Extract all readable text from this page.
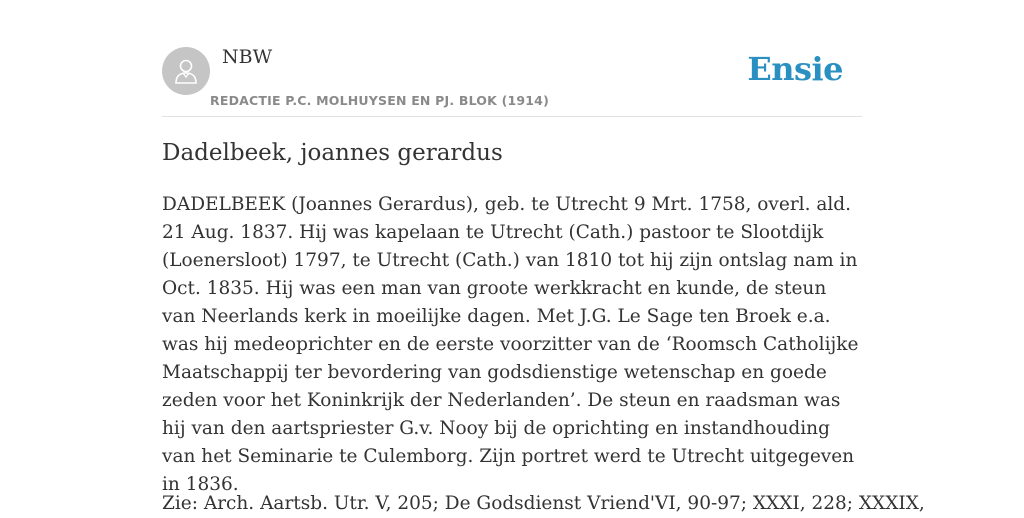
NBW
REDACTIE P.C. MOLHUYSEN EN PJ. BLOK (1914)
Ensie
Dadelbeek, joannes gerardus

DADELBEEK (Joannes Gerardus), geb. te Utrecht 9 Mrt. 1758, overl. ald. 21 Aug. 1837. Hij was kapelaan te Utrecht (Cath.) pastoor te Slootdijk (Loenersloot) 1797, te Utrecht (Cath.) van 1810 tot hij zijn ontslag nam in Oct. 1835. Hij was een man van groote werkkracht en kunde, de steun van Neerlands kerk in moeilijke dagen. Met J.G. Le Sage ten Broek e.a. was hij medeoprichter en de eerste voorzitter van de ‘Roomsch Catholijke Maatschappij ter bevordering van godsdienstige wetenschap en goede zeden voor het Koninkrijk der Nederlanden’. De steun en raadsman was hij van den aartspriester G.v. Nooy bij de oprichting en instandhouding van het Seminarie te Culemborg. Zijn portret werd te Utrecht uitgegeven in 1836.

Zie: Arch. Aartsb. Utr. V, 205; De Godsdienst Vriend'VI, 90-97; XXXI, 228; XXXIX,
